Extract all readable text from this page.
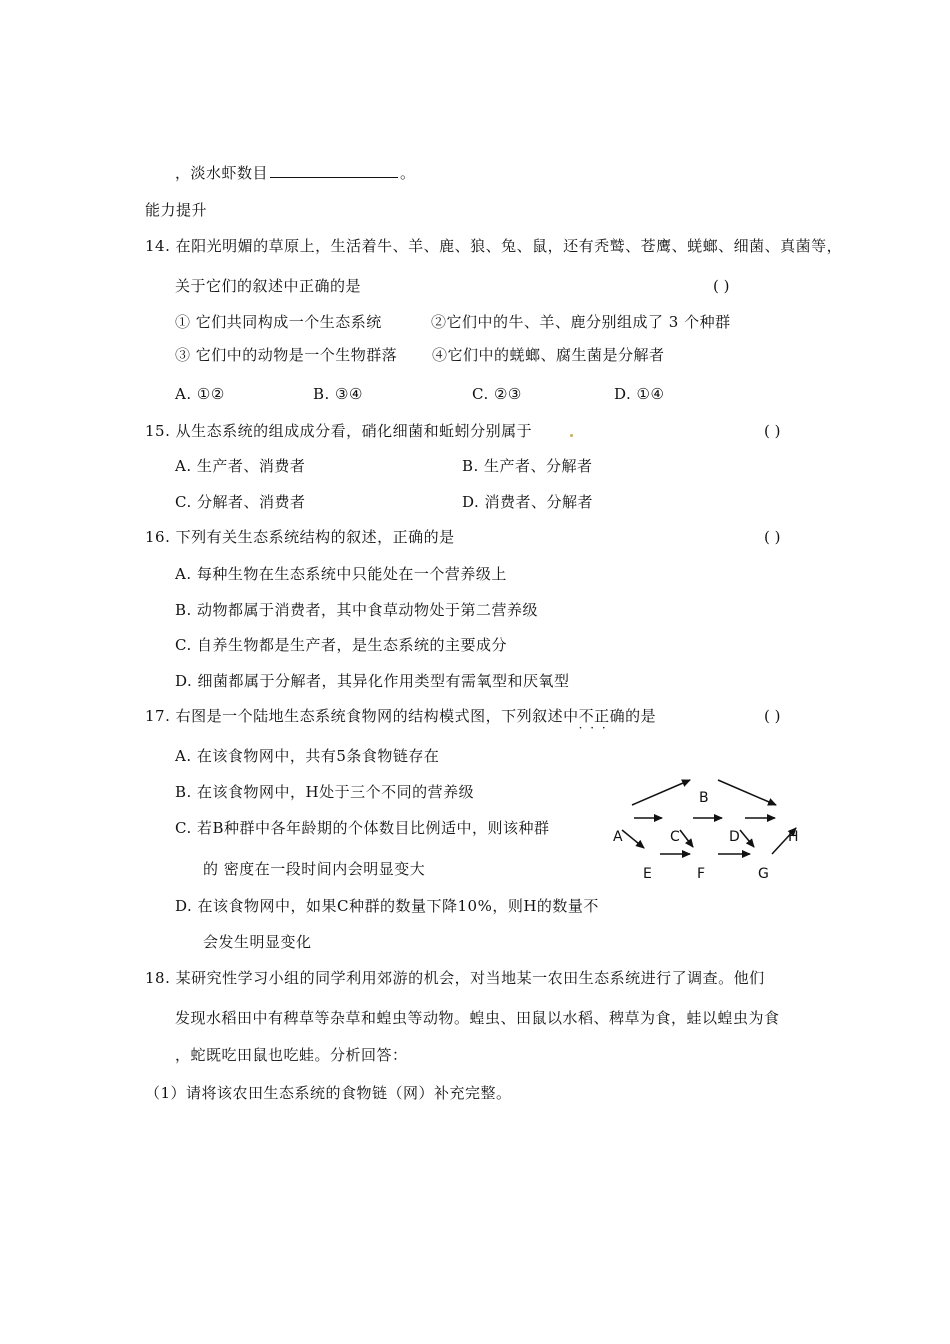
，淡水虾数目	。
能力提升
14. 在阳光明媚的草原上，生活着牛、羊、鹿、狼、兔、鼠，还有秃鹫、苍鹰、蜣螂、细菌、真菌等，
关于它们的叙述中正确的是	( )
① 它们共同构成一个生态系统	②它们中的牛、羊、鹿分别组成了 3 个种群
③ 它们中的动物是一个生物群落 ④它们中的蜣螂、腐生菌是分解者
A. ①②	B. ③④	C. ②③	D. ①④
15. 从生态系统的组成成分看，硝化细菌和蚯蚓分别属于	( )
A. 生产者、消费者	B. 生产者、分解者
C. 分解者、消费者	D. 消费者、分解者
16. 下列有关生态系统结构的叙述，正确的是	( )
A. 每种生物在生态系统中只能处在一个营养级上
B. 动物都属于消费者，其中食草动物处于第二营养级
C. 自养生物都是生产者，是生态系统的主要成分
D. 细菌都属于分解者，其异化作用类型有需氧型和厌氧型
17. 右图是一个陆地生态系统食物网的结构模式图，下列叙述中不正确 · · ·的是	( )
A. 在该食物网中，共有5条食物链存在
B. 在该食物网中，H处于三个不同的营养级
C. 若B种群中各年龄期的个体数目比例适中，则该种群
的 密度在一段时间内会明显变大
D. 在该食物网中，如果C种群的数量下降10%，则H的数量不
会发生明显变化
A
B
C	D
E	F	G
H
18. 某研究性学习小组的同学利用郊游的机会，对当地某一农田生态系统进行了调查。他们
发现水稻田中有稗草等杂草和蝗虫等动物。蝗虫、田鼠以水稻、稗草为食，蛙以蝗虫为食
，蛇既吃田鼠也吃蛙。分析回答：
（1）请将该农田生态系统的食物链（网）补充完整。
